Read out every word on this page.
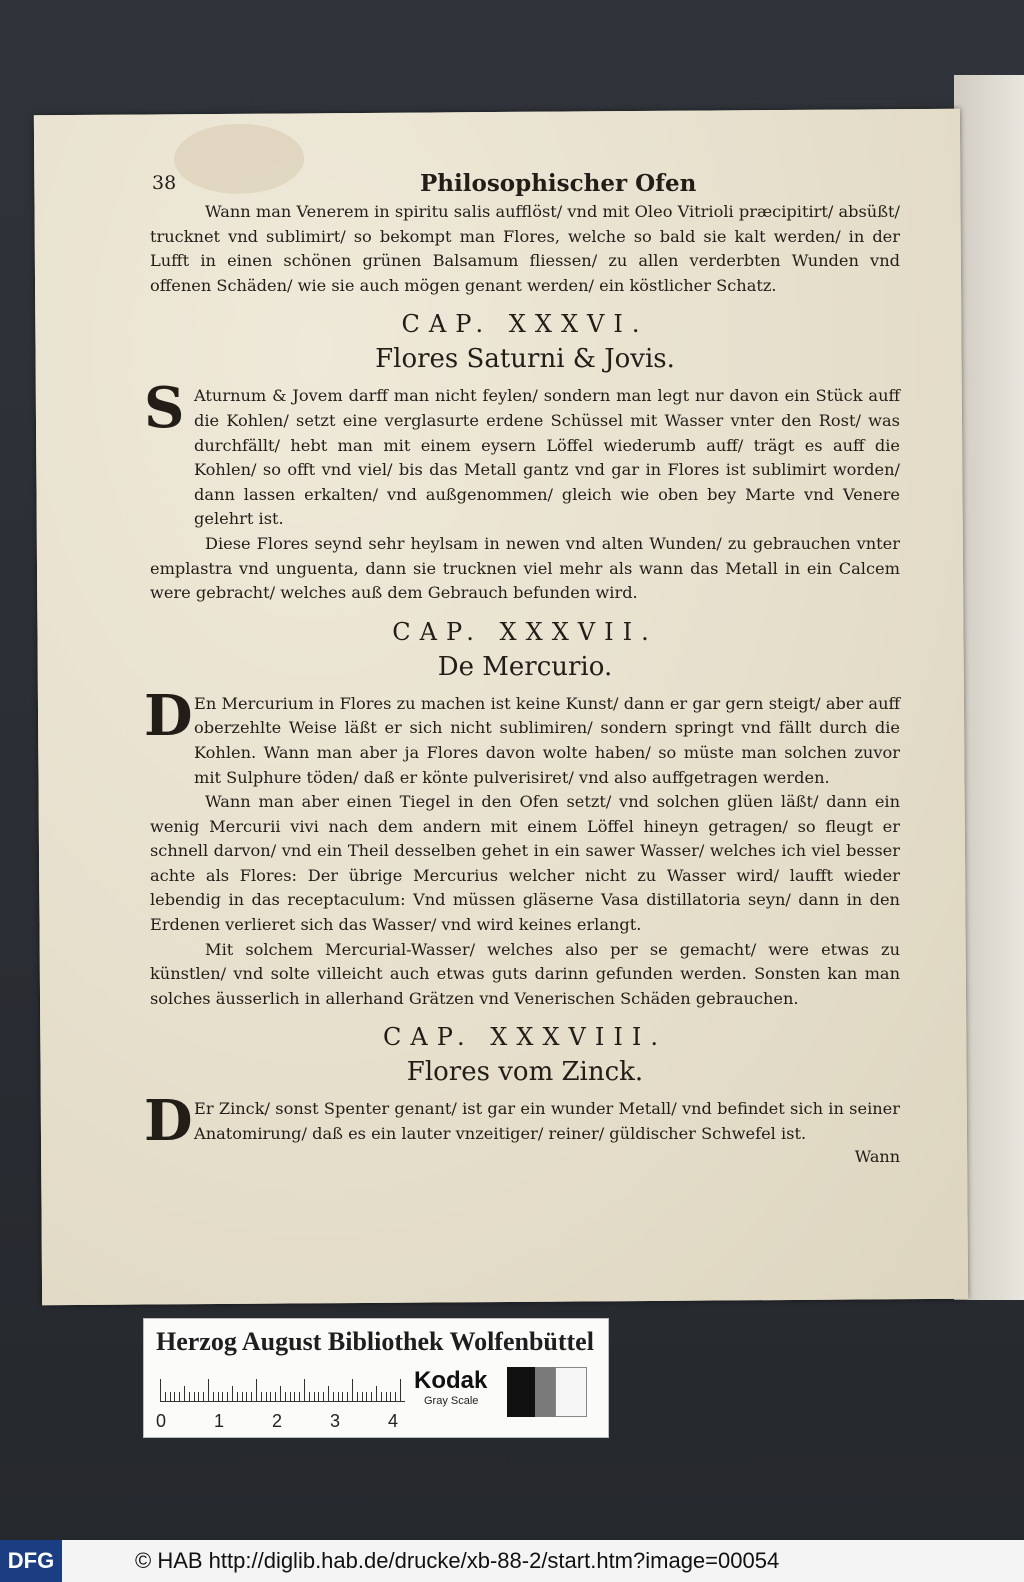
38	Philosophischer Ofen

Wann man Venerem in spiritu salis aufflöst/ vnd mit Oleo Vitrioli præcipitirt/ absüßt/ trucknet vnd sublimirt/ so bekompt man Flores, welche so bald sie kalt werden/ in der Lufft in einen schönen grünen Balsamum fliessen/ zu allen verderbten Wunden vnd offenen Schäden/ wie sie auch mögen genant werden/ ein köstlicher Schatz.

CAP. XXXVI.
Flores Saturni & Jovis.
S Aturnum & Jovem darff man nicht feylen/ sondern man legt nur davon ein Stück auff die Kohlen/ setzt eine verglasurte erdene Schüssel mit Wasser vnter den Rost/ was durchfällt/ hebt man mit einem eysern Löffel wiederumb auff/ trägt es auff die Kohlen/ so offt vnd viel/ bis das Metall gantz vnd gar in Flores ist sublimirt worden/ dann lassen erkalten/ vnd außgenommen/ gleich wie oben bey Marte vnd Venere gelehrt ist.

Diese Flores seynd sehr heylsam in newen vnd alten Wunden/ zu gebrauchen vnter emplastra vnd unguenta, dann sie trucknen viel mehr als wann das Metall in ein Calcem were gebracht/ welches auß dem Gebrauch befunden wird.

CAP. XXXVII.
De Mercurio.
D En Mercurium in Flores zu machen ist keine Kunst/ dann er gar gern steigt/ aber auff oberzehlte Weise läßt er sich nicht sublimiren/ sondern springt vnd fällt durch die Kohlen. Wann man aber ja Flores davon wolte haben/ so müste man solchen zuvor mit Sulphure töden/ daß er könte pulverisiret/ vnd also auffgetragen werden.

Wann man aber einen Tiegel in den Ofen setzt/ vnd solchen glüen läßt/ dann ein wenig Mercurii vivi nach dem andern mit einem Löffel hineyn getragen/ so fleugt er schnell darvon/ vnd ein Theil desselben gehet in ein sawer Wasser/ welches ich viel besser achte als Flores: Der übrige Mercurius welcher nicht zu Wasser wird/ laufft wieder lebendig in das receptaculum: Vnd müssen gläserne Vasa distillatoria seyn/ dann in den Erdenen verlieret sich das Wasser/ vnd wird keines erlangt.

Mit solchem Mercurial-Wasser/ welches also per se gemacht/ were etwas zu künstlen/ vnd solte villeicht auch etwas guts darinn gefunden werden. Sonsten kan man solches äusserlich in allerhand Grätzen vnd Venerischen Schäden gebrauchen.

CAP. XXXVIII.
Flores vom Zinck.
D Er Zinck/ sonst Spenter genant/ ist gar ein wunder Metall/ vnd befindet sich in seiner Anatomirung/ daß es ein lauter vnzeitiger/ reiner/ güldischer Schwefel ist.

Wann

Herzog August Bibliothek Wolfenbüttel
0	1	2	3	4
Kodak
Gray Scale
DFG	© HAB http://diglib.hab.de/drucke/xb-88-2/start.htm?image=00054
